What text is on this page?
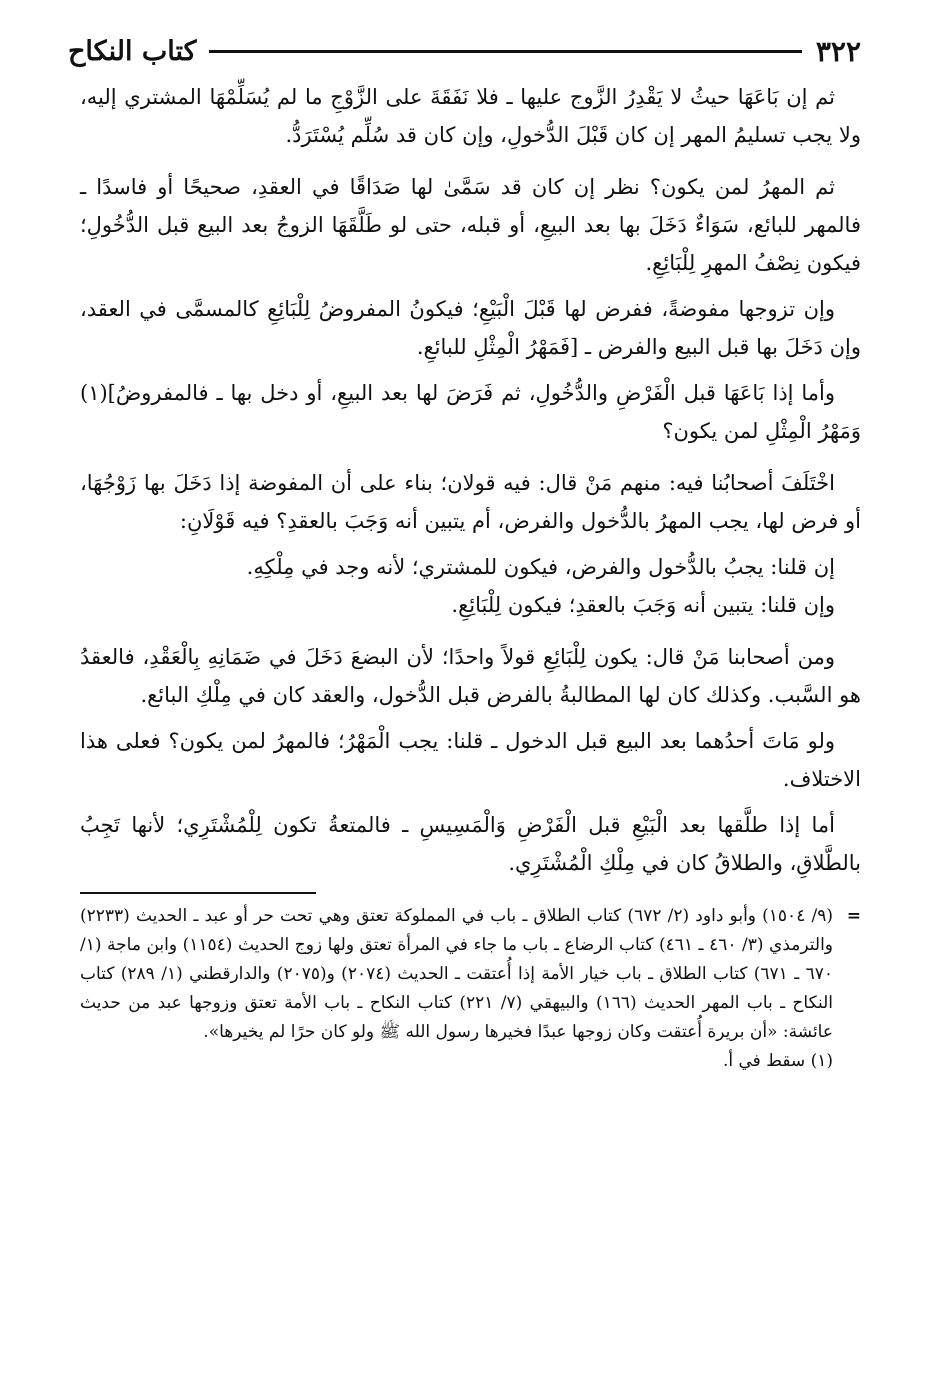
٣٢٢
كتاب النكاح

ثم إن بَاعَهَا حيثُ لا يَقْدِرُ الزَّوج عليها ـ فلا نَفَقَةَ على الزَّوْجِ ما لم يُسَلِّمْهَا المشتري إليه، ولا يجب تسليمُ المهر إن كان قَبْلَ الدُّخولِ، وإن كان قد سُلِّم يُسْتَرَدُّ.

ثم المهرُ لمن يكون؟ نظر إن كان قد سَمَّىٰ لها صَدَاقًا في العقدِ، صحيحًا أو فاسدًا ـ فالمهر للبائع، سَوَاءٌ دَخَلَ بها بعد البيعِ، أو قبله، حتى لو طَلَّقَهَا الزوجُ بعد البيع قبل الدُّخُولِ؛ فيكون نِصْفُ المهرِ لِلْبَائِعِ.

وإن تزوجها مفوضةً، ففرض لها قَبْلَ الْبَيْعِ؛ فيكونُ المفروضُ لِلْبَائِعِ كالمسمَّى في العقد، وإن دَخَلَ بها قبل البيع والفرض ـ [فَمَهْرُ الْمِثْلِ للبائعِ.

وأما إذا بَاعَهَا قبل الْفَرْضِ والدُّخُولِ، ثم فَرَضَ لها بعد البيعِ، أو دخل بها ـ فالمفروضُ](١) وَمَهْرُ الْمِثْلِ لمن يكون؟

اخْتَلَفَ أصحابُنا فيه: منهم مَنْ قال: فيه قولان؛ بناء على أن المفوضة إذا دَخَلَ بها زَوْجُهَا، أو فرض لها، يجب المهرُ بالدُّخول والفرض، أم يتبين أنه وَجَبَ بالعقدِ؟ فيه قَوْلَانِ:

إن قلنا: يجبُ بالدُّخول والفرض، فيكون للمشتري؛ لأنه وجد في مِلْكِهِ.

وإن قلنا: يتبين أنه وَجَبَ بالعقدِ؛ فيكون لِلْبَائِعِ.

ومن أصحابنا مَنْ قال: يكون لِلْبَائِعِ قولاً واحدًا؛ لأن البضعَ دَخَلَ في ضَمَانِهِ بِالْعَقْدِ، فالعقدُ هو السَّبب. وكذلك كان لها المطالبةُ بالفرض قبل الدُّخول، والعقد كان في مِلْكِ البائع.

ولو مَاتَ أحدُهما بعد البيع قبل الدخول ـ قلنا: يجب الْمَهْرُ؛ فالمهرُ لمن يكون؟ فعلى هذا الاختلاف.

أما إذا طلَّقها بعد الْبَيْعِ قبل الْفَرْضِ وَالْمَسِيسِ ـ فالمتعةُ تكون لِلْمُشْتَرِي؛ لأنها تَجِبُ بالطَّلاقِ، والطلاقُ كان في مِلْكِ الْمُشْتَرِي.

=
(٩/ ١٥٠٤) وأبو داود (٢/ ٦٧٢) كتاب الطلاق ـ باب في المملوكة تعتق وهي تحت حر أو عبد ـ الحديث (٢٢٣٣) والترمذي (٣/ ٤٦٠ ـ ٤٦١) كتاب الرضاع ـ باب ما جاء في المرأة تعتق ولها زوج الحديث (١١٥٤) وابن ماجة (١/ ٦٧٠ ـ ٦٧١) كتاب الطلاق ـ باب خيار الأمة إذا أُعتقت ـ الحديث (٢٠٧٤) و(٢٠٧٥) والدارقطني (١/ ٢٨٩) كتاب النكاح ـ باب المهر الحديث (١٦٦) والبيهقي (٧/ ٢٢١) كتاب النكاح ـ باب الأمة تعتق وزوجها عبد من حديث عائشة: «أن بريرة أُعتقت وكان زوجها عبدًا فخيرها رسول الله ﷺ ولو كان حرًا لم يخيرها».

(١) سقط في أ.
